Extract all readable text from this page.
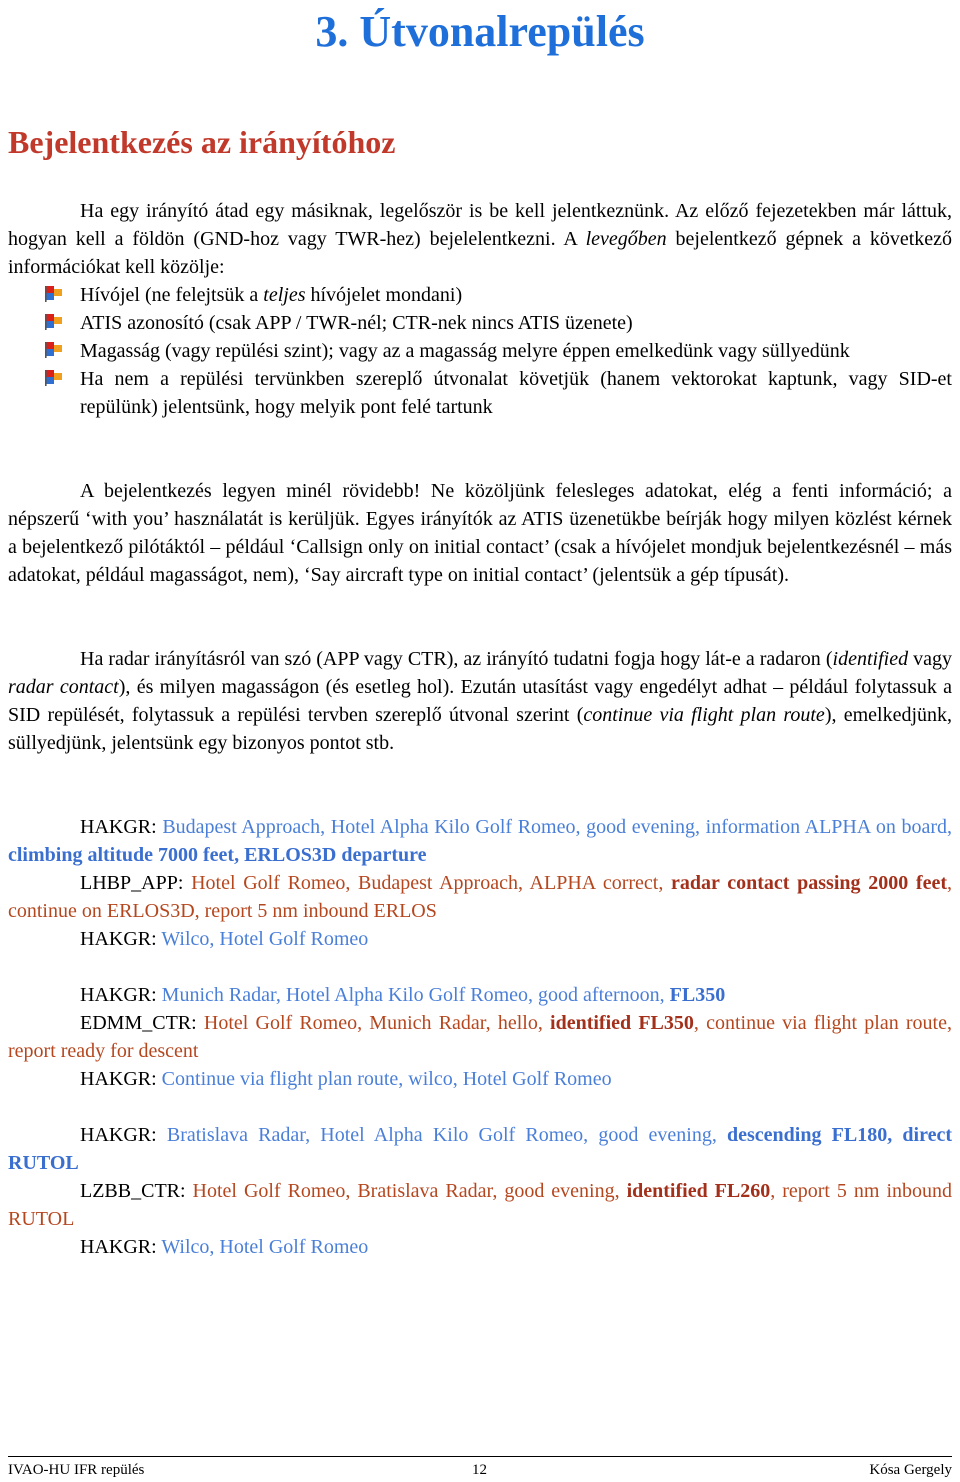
3. Útvonalrepülés
Bejelentkezés az irányítóhoz
Ha egy irányító átad egy másiknak, legelőször is be kell jelentkeznünk. Az előző fejezetekben már láttuk, hogyan kell a földön (GND-hoz vagy TWR-hez) bejelelentkezni. A levegőben bejelentkező gépnek a következő információkat kell közölje:
Hívójel (ne felejtsük a teljes hívójelet mondani)
ATIS azonosító (csak APP / TWR-nél; CTR-nek nincs ATIS üzenete)
Magasság (vagy repülési szint); vagy az a magasság melyre éppen emelkedünk vagy süllyedünk
Ha nem a repülési tervünkben szereplő útvonalat követjük (hanem vektorokat kaptunk, vagy SID-et repülünk) jelentsünk, hogy melyik pont felé tartunk
A bejelentkezés legyen minél rövidebb! Ne közöljünk felesleges adatokat, elég a fenti információ; a népszerű ‘with you’ használatát is kerüljük. Egyes irányítók az ATIS üzenetükbe beírják hogy milyen közlést kérnek a bejelentkező pilótáktól – például ‘Callsign only on initial contact’ (csak a hívójelet mondjuk bejelentkezésnél – más adatokat, például magasságot, nem), ‘Say aircraft type on initial contact’ (jelentsük a gép típusát).
Ha radar irányításról van szó (APP vagy CTR), az irányító tudatni fogja hogy lát-e a radaron (identified vagy radar contact), és milyen magasságon (és esetleg hol). Ezután utasítást vagy engedélyt adhat – például folytassuk a SID repülését, folytassuk a repülési tervben szereplő útvonal szerint (continue via flight plan route), emelkedjünk, süllyedjünk, jelentsünk egy bizonyos pontot stb.
HAKGR: Budapest Approach, Hotel Alpha Kilo Golf Romeo, good evening, information ALPHA on board, climbing altitude 7000 feet, ERLOS3D departure
LHBP_APP: Hotel Golf Romeo, Budapest Approach, ALPHA correct, radar contact passing 2000 feet, continue on ERLOS3D, report 5 nm inbound ERLOS
HAKGR: Wilco, Hotel Golf Romeo
HAKGR: Munich Radar, Hotel Alpha Kilo Golf Romeo, good afternoon, FL350
EDMM_CTR: Hotel Golf Romeo, Munich Radar, hello, identified FL350, continue via flight plan route, report ready for descent
HAKGR: Continue via flight plan route, wilco, Hotel Golf Romeo
HAKGR: Bratislava Radar, Hotel Alpha Kilo Golf Romeo, good evening, descending FL180, direct RUTOL
LZBB_CTR: Hotel Golf Romeo, Bratislava Radar, good evening, identified FL260, report 5 nm inbound RUTOL
HAKGR: Wilco, Hotel Golf Romeo
IVAO-HU IFR repülés	12	Kósa Gergely
